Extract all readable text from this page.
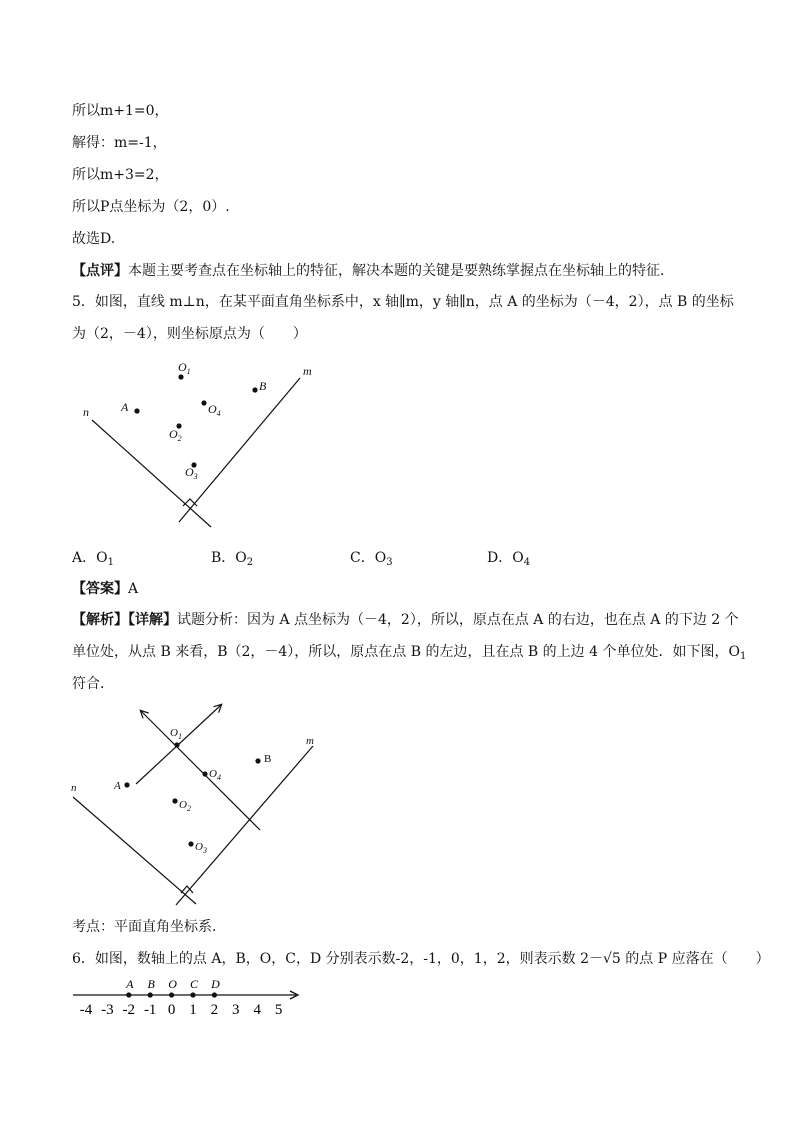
所以m+1=0，
解得：m=-1，
所以m+3=2，
所以P点坐标为（2，0）.
故选D.
【点评】本题主要考查点在坐标轴上的特征，解决本题的关键是要熟练掌握点在坐标轴上的特征．
5．如图，直线 m⊥n，在某平面直角坐标系中，x 轴∥m，y 轴∥n，点 A 的坐标为（－4，2），点 B 的坐标
为（2，－4），则坐标原点为（　　）
n
m
A
B
$O_1$
$O_4$
$O_2$
$O_3$
A．$O_1$	B．$O_2$	C．$O_3$	D．$O_4$
【答案】A
【解析】【详解】试题分析：因为 A 点坐标为（－4，2），所以，原点在点 A 的右边，也在点 A 的下边 2 个
单位处，从点 B 来看，B（2，－4），所以，原点在点 B 的左边，且在点 B 的上边 4 个单位处．如下图，$O_1$
符合．
n
m
A
B
$O_1$
$O_4$
$O_2$
$O_3$
考点：平面直角坐标系．
6．如图，数轴上的点 A，B，O，C，D 分别表示数-2，-1，0，1，2，则表示数 2－√5 的点 P 应落在（　　）
-4 -3 -2 -1 0 1 2 3 4 5
A B O C D
